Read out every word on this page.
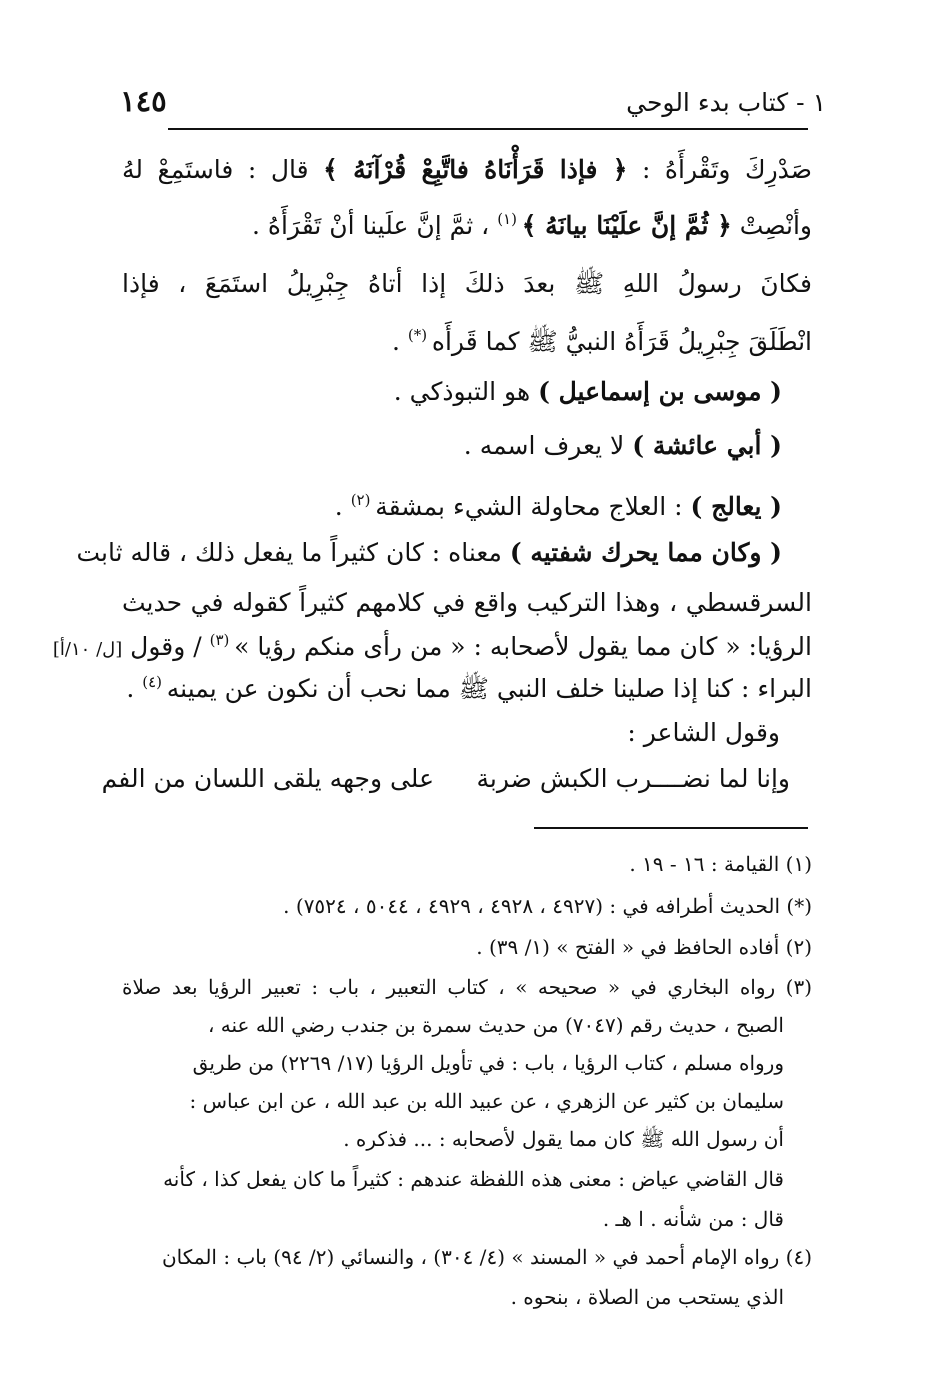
١ - كتاب بدء الوحي
١٤٥
صَدْرِكَ وتَقْرأَهُ : ﴿ فإذا قَرَأْنَاهُ فاتَّبِعْ قُرْآنَهُ ﴾ قال : فاستَمِعْ لهُ
وأنْصِتْ ﴿ ثُمَّ إنَّ علَيْنَا بيانَهُ ﴾ $^{(١)}$ ، ثمَّ إنَّ علَينا أنْ تَقْرَأَهُ .
فكانَ رسولُ اللهِ ﷺ بعدَ ذلكَ إذا أتاهُ جِبْرِيلُ استَمَعَ ، فإذا
انْطَلَقَ جِبْرِيلُ قَرَأَهُ النبيُّ ﷺ كما قَرأَه (*) .
( موسى بن إسماعيل ) هو التبوذكي .
( أبي عائشة ) لا يعرف اسمه .
( يعالج ) : العلاج محاولة الشيء بمشقة $^{(٢)}$ .
( وكان مما يحرك شفتيه ) معناه : كان كثيراً ما يفعل ذلك ، قاله ثابت
السرقسطي ، وهذا التركيب واقع في كلامهم كثيراً كقوله في حديث
الرؤيا: « كان مما يقول لأصحابه : « من رأى منكم رؤيا » $^{(٣)}$ / وقول [ل/ ١٠/أ]
البراء : كنا إذا صلينا خلف النبي ﷺ مما نحب أن نكون عن يمينه $^{(٤)}$ .
وقول الشاعر :
وإنا لما نضــــرب الكبش ضربة
على وجهه يلقى اللسان من الفم
(١) القيامة : ١٦ - ١٩ .
(*) الحديث أطرافه في : (٤٩٢٧ ، ٤٩٢٨ ، ٤٩٢٩ ، ٥٠٤٤ ، ٧٥٢٤) .
(٢) أفاده الحافظ في « الفتح » (١/ ٣٩) .
(٣) رواه البخاري في « صحيحه » ، كتاب التعبير ، باب : تعبير الرؤيا بعد صلاة
الصبح ، حديث رقم (٧٠٤٧) من حديث سمرة بن جندب رضي الله عنه ،
ورواه مسلم ، كتاب الرؤيا ، باب : في تأويل الرؤيا (١٧/ ٢٢٦٩) من طريق
سليمان بن كثير عن الزهري ، عن عبيد الله بن عبد الله ، عن ابن عباس :
أن رسول الله ﷺ كان مما يقول لأصحابه : ... فذكره .
قال القاضي عياض : معنى هذه اللفظة عندهم : كثيراً ما كان يفعل كذا ، كأنه
قال : من شأنه . ا هـ .
(٤) رواه الإمام أحمد في « المسند » (٤/ ٣٠٤) ، والنسائي (٢/ ٩٤) باب : المكان
الذي يستحب من الصلاة ، بنحوه .
